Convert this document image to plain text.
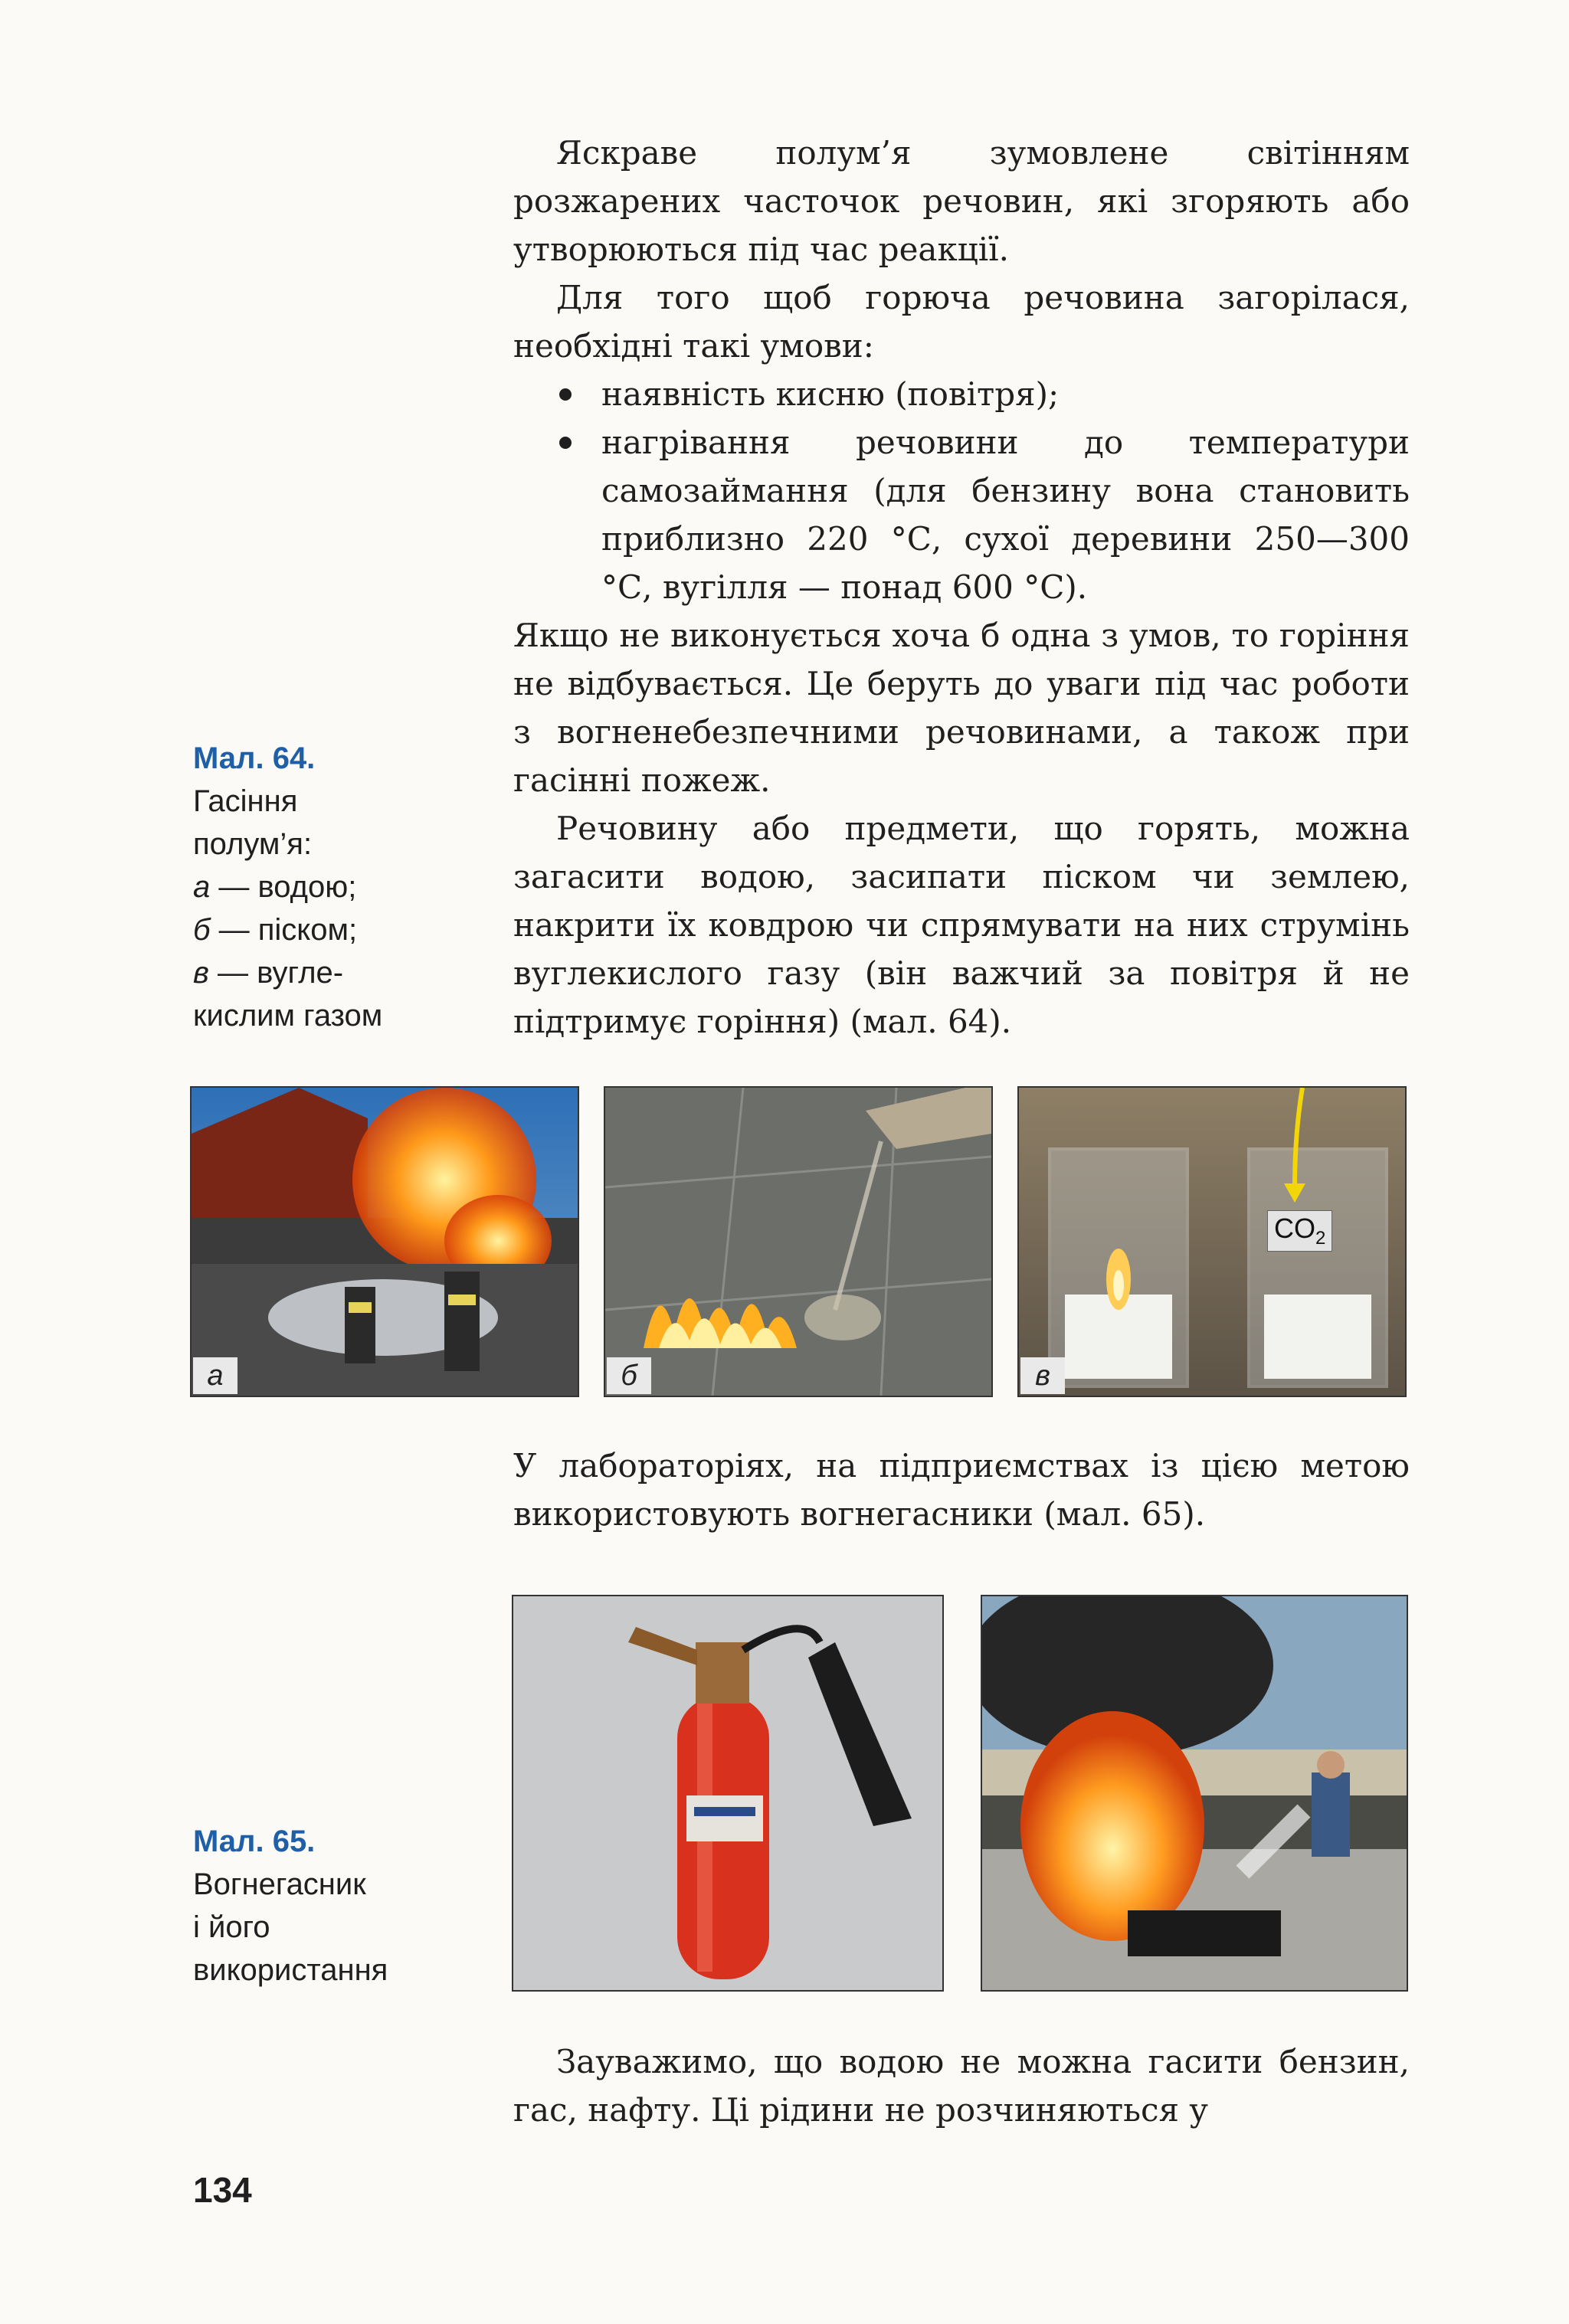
Яскраве полум’я зумовлене світінням розжарених часточок речовин, які згоряють або утворюються під час реакції.

Для того щоб горюча речовина загорілася, необхідні такі умови:

наявність кисню (повітря);
нагрівання речовини до температури самозаймання (для бензину вона становить приблизно 220 °С, сухої деревини 250—300 °С, вугілля — понад 600 °С).

Якщо не виконується хоча б одна з умов, то горіння не відбувається. Це беруть до уваги під час роботи з вогненебезпечними речовинами, а також при гасінні пожеж.

Речовину або предмети, що горять, можна загасити водою, засипати піском чи землею, накрити їх ковдрою чи спрямувати на них струмінь вуглекислого газу (він важчий за повітря й не підтримує горіння) (мал. 64).

Мал. 64.
Гасіння
полум’я:
а — водою;
б — піском;
в — вугле-
кислим газом
а	б
$CO_2$
в

У лабораторіях, на підприємствах із цією метою використовують вогнегасники (мал. 65).

Мал. 65.
Вогнегасник
і його
використання

Зауважимо, що водою не можна гасити бензин, гас, нафту. Ці рідини не розчиняються у

134
